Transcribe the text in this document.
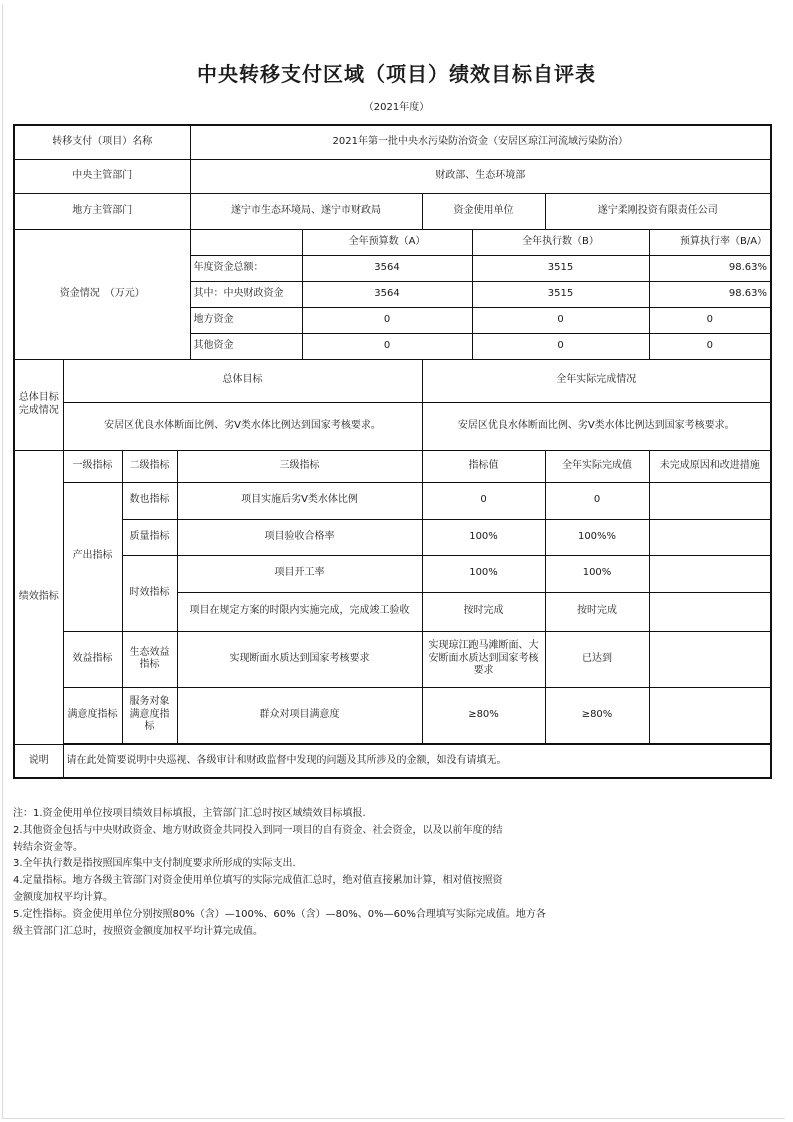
中央转移支付区域（项目）绩效目标自评表
（2021年度）
转移支付（项目）名称				2021年第一批中央水污染防治资金（安居区琼江河流域污染防治）					
中央主管部门				财政部、生态环境部					
地方主管部门				遂宁市生态环境局、遂宁市财政局		资金使用单位		遂宁柔刚投资有限责任公司	
资金情况　（万元）					全年预算数（A）		全年执行数（B）		预算执行率（B/A）
				年度资金总额：	3564		3515		98.63%
				其中：中央财政资金	3564		3515		98.63%
				地方资金	0		0		0
				其他资金	0		0		0
总体目标完成情况	总体目标					全年实际完成情况			
	安居区优良水体断面比例、劣V类水体比例达到国家考核要求。					安居区优良水体断面比例、劣V类水体比例达到国家考核要求。			
绩效指标	一级指标	二级指标	三级指标			指标值		全年实际完成值	未完成原因和改进措施
	产出指标	数也指标	项目实施后劣V类水体比例			0		0	
		质量指标	项目验收合格率			100%		100%%	
		时效指标	项目开工率			100%		100%	
			项目在规定方案的时限内实施完成，完成竣工验收			按时完成		按时完成	
	效益指标	生态效益指标	实现断面水质达到国家考核要求			实现琼江跑马滩断面、大安断面水质达到国家考核要求		已达到	
	满意度指标	服务对象满意度指标	群众对项目满意度			≥80%		≥80%	

说明	请在此处简要说明中央巡视、各级审计和财政监督中发现的问题及其所涉及的金额，如没有请填无。								
注：1.资金使用单位按项目绩效目标填报，主管部门汇总时按区域绩效目标填报.
2.其他资金包括与中央财政资金、地方财政资金共同投入到同一项目的自有资金、社会资金，以及以前年度的结
转结余资金等。
3.全年执行数是指按照国库集中支付制度要求所形成的实际支出.
4.定量指标。地方各级主管部门对资金使用单位填写的实际完成值汇总时，绝对值直接累加计算，相对值按照资
金额度加权平均计算。
5.定性指标。资金使用单位分别按照80%（含）—100%、60%（含）—80%、0%—60%合理填写实际完成值。地方各
级主管部门汇总时，按照资金额度加权平均计算完成值。
